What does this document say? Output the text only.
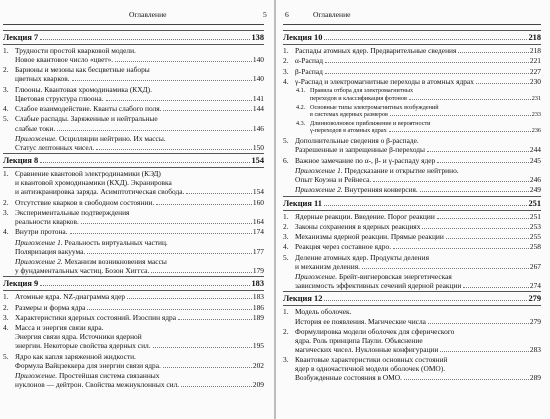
Оглавление	5
Лекция 7	138
1. Трудности простой кварковой модели.
Новое квантовое число «цвет».	140
2. Барионы и мезоны как бесцветные наборы
цветных кварков.	140
3. Глюоны. Квантовая хромодинамика (КХД).
Цветовая структура глюона.	141
4. Слабое взаимодействие. Кванты слабого поля.	144
5. Слабые распады. Заряженные и нейтральные
слабые токи.	146
Приложение. Осцилляции нейтрино. Их массы.
Статус лептонных чисел.	150
Лекция 8	154
1. Сравнение квантовой электродинамики (КЭД)
и квантовой хромодинамики (КХД). Экранировка
и антиэкранировка заряда. Асимптотическая свобода.	154
2. Отсутствие кварков в свободном состоянии.	160
3. Экспериментальные подтверждения
реальности кварков.	164
4. Внутри протона.	174
Приложение 1. Реальность виртуальных частиц.
Поляризация вакуума.	177
Приложение 2. Механизм возникновения массы
у фундаментальных частиц. Бозон Хиггса.	179
Лекция 9	183
1. Атомные ядра. NZ-диаграмма ядер	183
2. Размеры и форма ядра	186
3. Характеристики ядерных состояний. Изоспин ядра	189
4. Масса и энергия связи ядра.
Энергия связи ядра. Источники ядерной
энергии. Некоторые свойства ядерных сил.	195
5. Ядро как капля заряженной жидкости.
Формула Вайцзеккера для энергии связи ядра.	202
Приложение. Простейшая система связанных
нуклонов — дейтрон. Свойства межнуклонных сил.	209
6	Оглавление
Лекция 10	218
1. Распады атомных ядер. Предварительные сведения	218
2. α-Распад	221
3. β-Распад	227
4. γ-Распад и электромагнитные переходы в атомных ядрах	230
4.1. Правила отбора для электромагнитных
переходов и классификация фотонов	231
4.2. Основные типы электромагнитных возбуждений
в системах ядерных размеров	233
4.3. Длинноволновое приближение и вероятности
γ-переходов в атомных ядрах	236
5. Дополнительные сведения о β-распаде.
Разрешенные и запрещенные β-переходы	244
6. Важное замечание по α-, β- и γ-распаду ядер	245
Приложение 1. Предсказание и открытие нейтрино.
Опыт Коуэна и Рейнеса.	246
Приложение 2. Внутренняя конверсия.	249
Лекция 11	251
1. Ядерные реакции. Введение. Порог реакции	251
2. Законы сохранения в ядерных реакциях	253
3. Механизмы ядерной реакции. Прямые реакции	255
4. Реакция через составное ядро.	258
5. Деление атомных ядер. Продукты деления
и механизм деления.	267
Приложение. Брейт-вигнеровская энергетическая
зависимость эффективных сечений ядерной реакции	274
Лекция 12	279
1. Модель оболочек.
История ее появления. Магические числа	279
2. Формулировка модели оболочек для сферического
ядра. Роль принципа Паули. Объяснение
магических чисел. Нуклонные конфигурации	283
3. Квантовые характеристики основных состояний
ядер в одночастичной модели оболочек (ОМО).
Возбужденные состояния в ОМО.	289
